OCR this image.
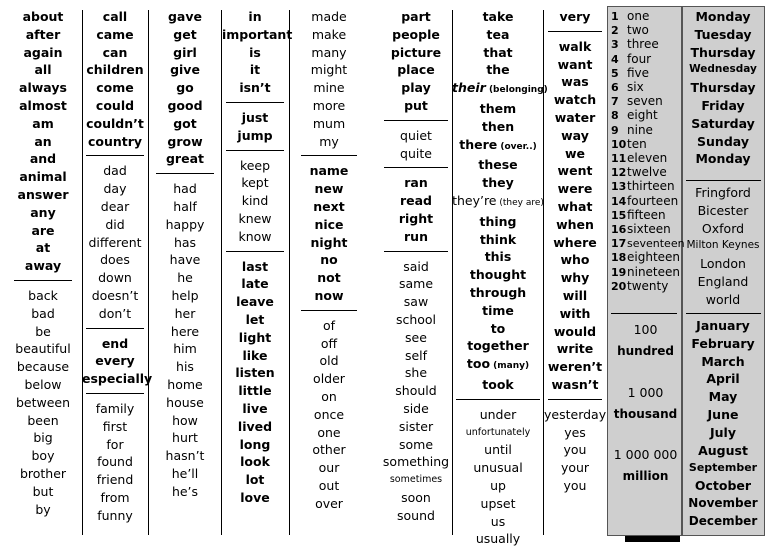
about
after
again
all
always
almost
am
an
and
animal
answer
any
are
at
away
back
bad
be
beautiful
because
below
between
been
big
boy
brother
but
by
call
came
can
children
come
could
couldn’t
country
dad
day
dear
did
different
does
down
doesn’t
don’t
end
every
especially
family
first
for
found
friend
from
funny
gave
get
girl
give
go
good
got
grow
great
had
half
happy
has
have
he
help
her
here
him
his
home
house
how
hurt
hasn’t
he’ll
he’s
in
important
is
it
isn’t
just
jump
keep
kept
kind
knew
know
last
late
leave
let
light
like
listen
little
live
lived
long
look
lot
love
made
make
many
might
mine
more
mum
my
name
new
next
nice
night
no
not
now
of
off
old
older
on
once
one
other
our
out
over
part
people
picture
place
play
put
quiet
quite
ran
read
right
run
said
same
saw
school
see
self
she
should
side
sister
some
something
sometimes
soon
sound
take
tea
that
the
their (belonging)
them
then
there (over..)
these
they
they’re (they are)
thing
think
this
thought
through
time
to
together
too (many)
took
under
unfortunately
until
unusual
up
upset
us
usually
very
walk
want
was
watch
water
way
we
went
were
what
when
where
who
why
will
with
would
write
weren’t
wasn’t
yesterday
yes
you
your
you
1 one
2 two
3 three
4 four
5 five
6 six
7 seven
8 eight
9 nine
10ten
11eleven
12twelve
13thirteen
14fourteen
15fifteen
16sixteen
17seventeen
18eighteen
19nineteen
20twenty
100
hundred
1 000
thousand
1 000 000
million
Monday
Tuesday
Thursday
Wednesday
Thursday
Friday
Saturday
Sunday
Monday
Fringford
Bicester
Oxford
Milton Keynes
London
England
world
January
February
March
April
May
June
July
August
September
October
November
December
